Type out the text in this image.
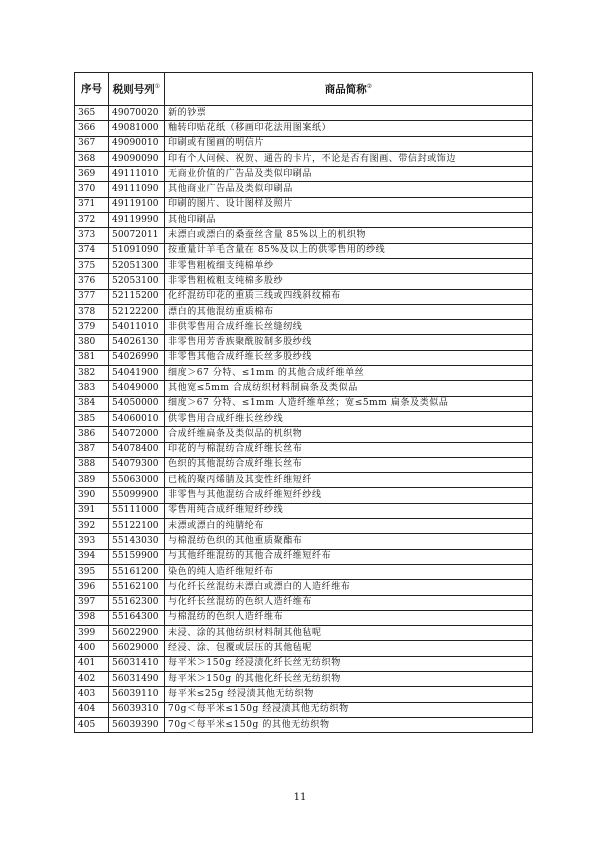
序号	税则号列①	商品简称②
365	49070020	新的钞票
366	49081000	釉转印贴花纸（移画印花法用图案纸）
367	49090010	印刷或有图画的明信片
368	49090090	印有个人问候、祝贺、通告的卡片，不论是否有图画、带信封或饰边
369	49111010	无商业价值的广告品及类似印刷品
370	49111090	其他商业广告品及类似印刷品
371	49119100	印刷的图片、设计图样及照片
372	49119990	其他印刷品
373	50072011	未漂白或漂白的桑蚕丝含量 85%以上的机织物
374	51091090	按重量计羊毛含量在 85%及以上的供零售用的纱线
375	52051300	非零售粗梳细支纯棉单纱
376	52053100	非零售粗梳粗支纯棉多股纱
377	52115200	化纤混纺印花的重质三线或四线斜纹棉布
378	52122200	漂白的其他混纺重质棉布
379	54011010	非供零售用合成纤维长丝缝纫线
380	54026130	非零售用芳香族聚酰胺制多股纱线
381	54026990	非零售其他合成纤维长丝多股纱线
382	54041900	细度＞67 分特、≤1mm 的其他合成纤维单丝
383	54049000	其他宽≤5mm 合成纺织材料制扁条及类似品
384	54050000	细度＞67 分特、≤1mm 人造纤维单丝；宽≤5mm 扁条及类似品
385	54060010	供零售用合成纤维长丝纱线
386	54072000	合成纤维扁条及类似品的机织物
387	54078400	印花的与棉混纺合成纤维长丝布
388	54079300	色织的其他混纺合成纤维长丝布
389	55063000	已梳的聚丙烯腈及其变性纤维短纤
390	55099900	非零售与其他混纺合成纤维短纤纱线
391	55111000	零售用纯合成纤维短纤纱线
392	55122100	未漂或漂白的纯腈纶布
393	55143030	与棉混纺色织的其他重质聚酯布
394	55159900	与其他纤维混纺的其他合成纤维短纤布
395	55161200	染色的纯人造纤维短纤布
396	55162100	与化纤长丝混纺未漂白或漂白的人造纤维布
397	55162300	与化纤长丝混纺的色织人造纤维布
398	55164300	与棉混纺的色织人造纤维布
399	56022900	未浸、涂的其他纺织材料制其他毡呢
400	56029000	经浸、涂、包覆或层压的其他毡呢
401	56031410	每平米＞150g 经浸渍化纤长丝无纺织物
402	56031490	每平米＞150g 的其他化纤长丝无纺织物
403	56039110	每平米≤25g 经浸渍其他无纺织物
404	56039310	70g＜每平米≤150g 经浸渍其他无纺织物
405	56039390	70g＜每平米≤150g 的其他无纺织物
11
